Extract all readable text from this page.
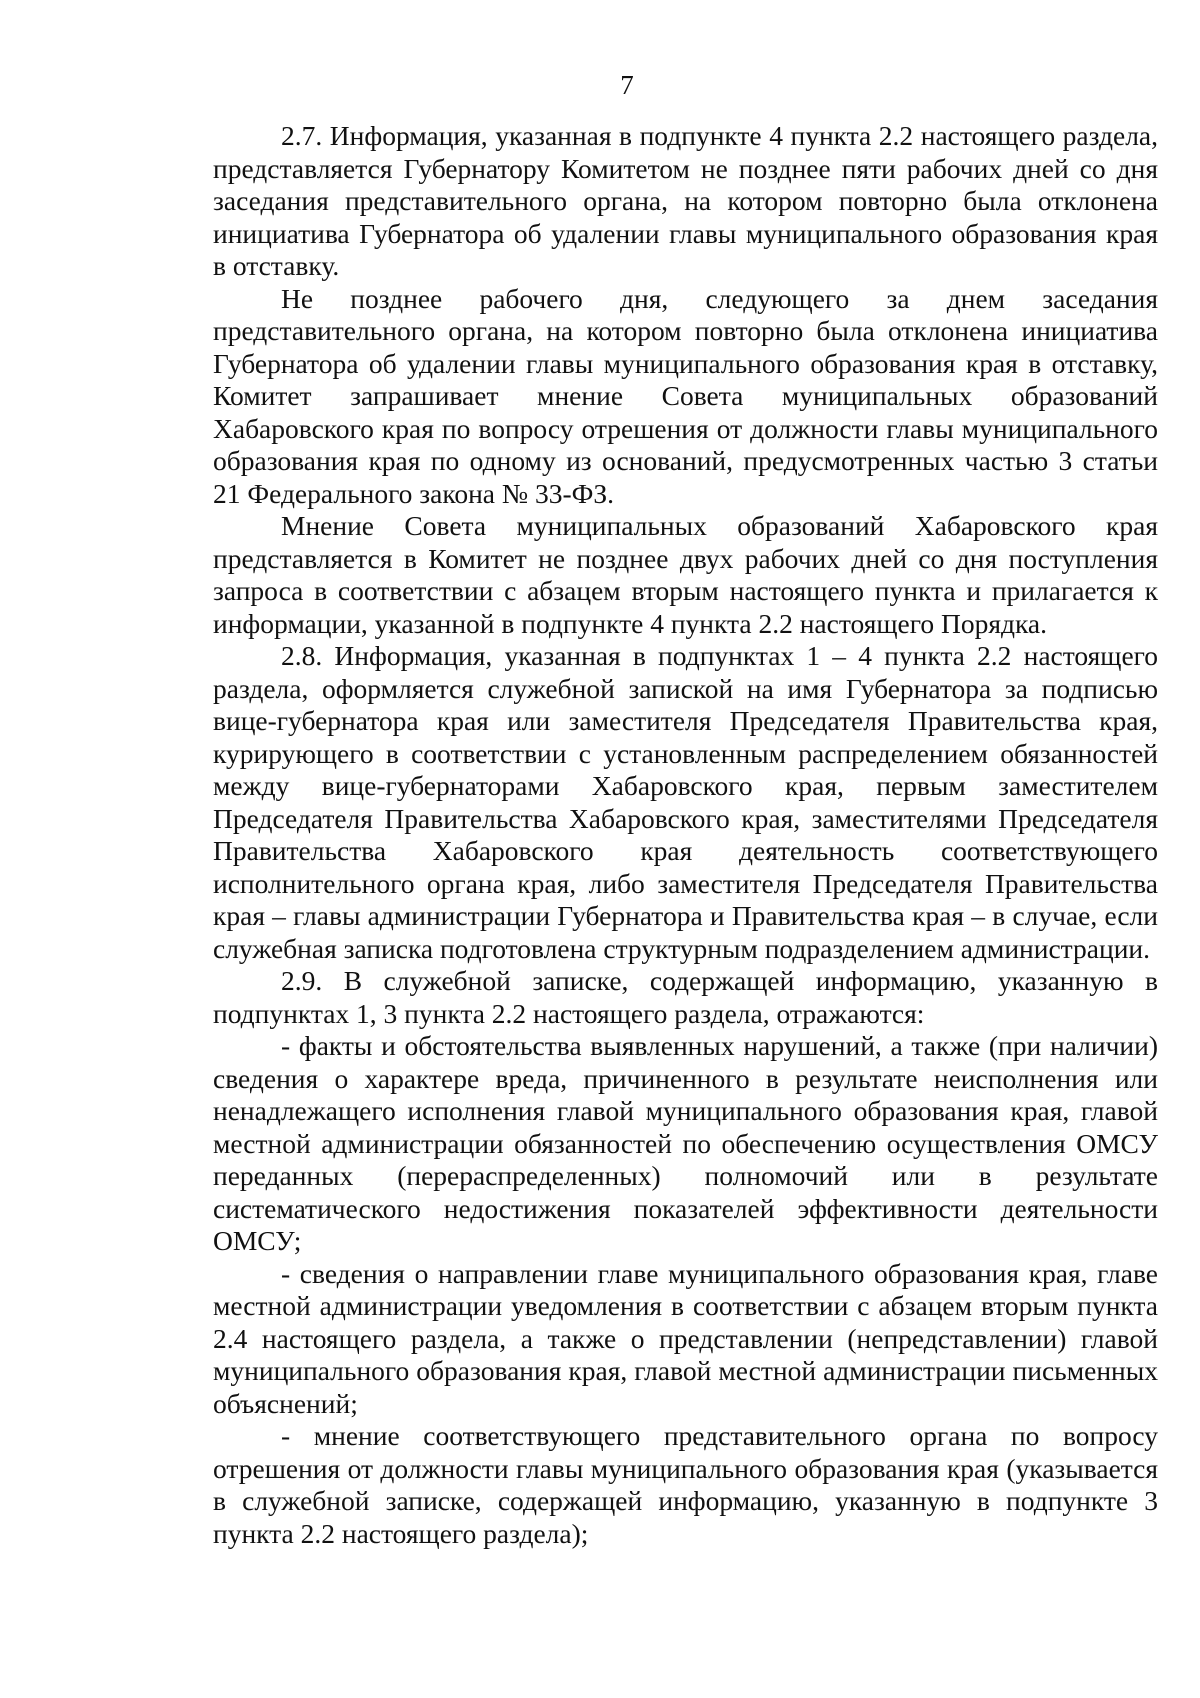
7

2.7. Информация, указанная в подпункте 4 пункта 2.2 настоящего раздела, представляется Губернатору Комитетом не позднее пяти рабочих дней со дня заседания представительного органа, на котором повторно была отклонена инициатива Губернатора об удалении главы муниципального образования края в отставку.

Не позднее рабочего дня, следующего за днем заседания представительного органа, на котором повторно была отклонена инициатива Губернатора об удалении главы муниципального образования края в отставку, Комитет запрашивает мнение Совета муниципальных образований Хабаровского края по вопросу отрешения от должности главы муниципального образования края по одному из оснований, предусмотренных частью 3 статьи 21 Федерального закона № 33-ФЗ.

Мнение Совета муниципальных образований Хабаровского края представляется в Комитет не позднее двух рабочих дней со дня поступления запроса в соответствии с абзацем вторым настоящего пункта и прилагается к информации, указанной в подпункте 4 пункта 2.2 настоящего Порядка.

2.8. Информация, указанная в подпунктах 1 – 4 пункта 2.2 настоящего раздела, оформляется служебной запиской на имя Губернатора за подписью вице-губернатора края или заместителя Председателя Правительства края, курирующего в соответствии с установленным распределением обязанностей между вице-губернаторами Хабаровского края, первым заместителем Председателя Правительства Хабаровского края, заместителями Председателя Правительства Хабаровского края деятельность соответствующего исполнительного органа края, либо заместителя Председателя Правительства края – главы администрации Губернатора и Правительства края – в случае, если служебная записка подготовлена структурным подразделением администрации.

2.9. В служебной записке, содержащей информацию, указанную в подпунктах 1, 3 пункта 2.2 настоящего раздела, отражаются:

- факты и обстоятельства выявленных нарушений, а также (при наличии) сведения о характере вреда, причиненного в результате неисполнения или ненадлежащего исполнения главой муниципального образования края, главой местной администрации обязанностей по обеспечению осуществления ОМСУ переданных (перераспределенных) полномочий или в результате систематического недостижения показателей эффективности деятельности ОМСУ;

- сведения о направлении главе муниципального образования края, главе местной администрации уведомления в соответствии с абзацем вторым пункта 2.4 настоящего раздела, а также о представлении (непредставлении) главой муниципального образования края, главой местной администрации письменных объяснений;

- мнение соответствующего представительного органа по вопросу отрешения от должности главы муниципального образования края (указывается в служебной записке, содержащей информацию, указанную в подпункте 3 пункта 2.2 настоящего раздела);
